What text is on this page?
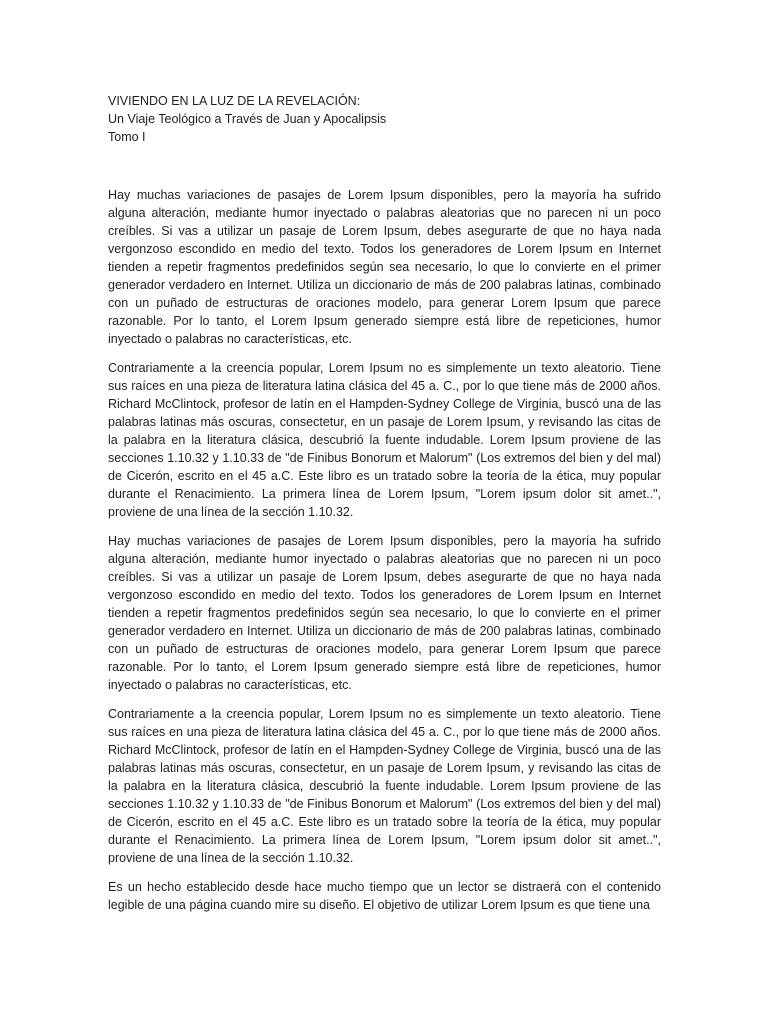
VIVIENDO EN LA LUZ DE LA REVELACIÓN:
Un Viaje Teológico a Través de Juan y Apocalipsis
Tomo I

Hay muchas variaciones de pasajes de Lorem Ipsum disponibles, pero la mayoría ha sufrido alguna alteración, mediante humor inyectado o palabras aleatorias que no parecen ni un poco creíbles. Si vas a utilizar un pasaje de Lorem Ipsum, debes asegurarte de que no haya nada vergonzoso escondido en medio del texto. Todos los generadores de Lorem Ipsum en Internet tienden a repetir fragmentos predefinidos según sea necesario, lo que lo convierte en el primer generador verdadero en Internet. Utiliza un diccionario de más de 200 palabras latinas, combinado con un puñado de estructuras de oraciones modelo, para generar Lorem Ipsum que parece razonable. Por lo tanto, el Lorem Ipsum generado siempre está libre de repeticiones, humor inyectado o palabras no características, etc.

Contrariamente a la creencia popular, Lorem Ipsum no es simplemente un texto aleatorio. Tiene sus raíces en una pieza de literatura latina clásica del 45 a. C., por lo que tiene más de 2000 años. Richard McClintock, profesor de latín en el Hampden-Sydney College de Virginia, buscó una de las palabras latinas más oscuras, consectetur, en un pasaje de Lorem Ipsum, y revisando las citas de la palabra en la literatura clásica, descubrió la fuente indudable. Lorem Ipsum proviene de las secciones 1.10.32 y 1.10.33 de "de Finibus Bonorum et Malorum" (Los extremos del bien y del mal) de Cicerón, escrito en el 45 a.C. Este libro es un tratado sobre la teoría de la ética, muy popular durante el Renacimiento. La primera línea de Lorem Ipsum, "Lorem ipsum dolor sit amet..", proviene de una línea de la sección 1.10.32.

Hay muchas variaciones de pasajes de Lorem Ipsum disponibles, pero la mayoría ha sufrido alguna alteración, mediante humor inyectado o palabras aleatorias que no parecen ni un poco creíbles. Si vas a utilizar un pasaje de Lorem Ipsum, debes asegurarte de que no haya nada vergonzoso escondido en medio del texto. Todos los generadores de Lorem Ipsum en Internet tienden a repetir fragmentos predefinidos según sea necesario, lo que lo convierte en el primer generador verdadero en Internet. Utiliza un diccionario de más de 200 palabras latinas, combinado con un puñado de estructuras de oraciones modelo, para generar Lorem Ipsum que parece razonable. Por lo tanto, el Lorem Ipsum generado siempre está libre de repeticiones, humor inyectado o palabras no características, etc.

Contrariamente a la creencia popular, Lorem Ipsum no es simplemente un texto aleatorio. Tiene sus raíces en una pieza de literatura latina clásica del 45 a. C., por lo que tiene más de 2000 años. Richard McClintock, profesor de latín en el Hampden-Sydney College de Virginia, buscó una de las palabras latinas más oscuras, consectetur, en un pasaje de Lorem Ipsum, y revisando las citas de la palabra en la literatura clásica, descubrió la fuente indudable. Lorem Ipsum proviene de las secciones 1.10.32 y 1.10.33 de "de Finibus Bonorum et Malorum" (Los extremos del bien y del mal) de Cicerón, escrito en el 45 a.C. Este libro es un tratado sobre la teoría de la ética, muy popular durante el Renacimiento. La primera línea de Lorem Ipsum, "Lorem ipsum dolor sit amet..", proviene de una línea de la sección 1.10.32.

Es un hecho establecido desde hace mucho tiempo que un lector se distraerá con el contenido legible de una página cuando mire su diseño. El objetivo de utilizar Lorem Ipsum es que tiene una
